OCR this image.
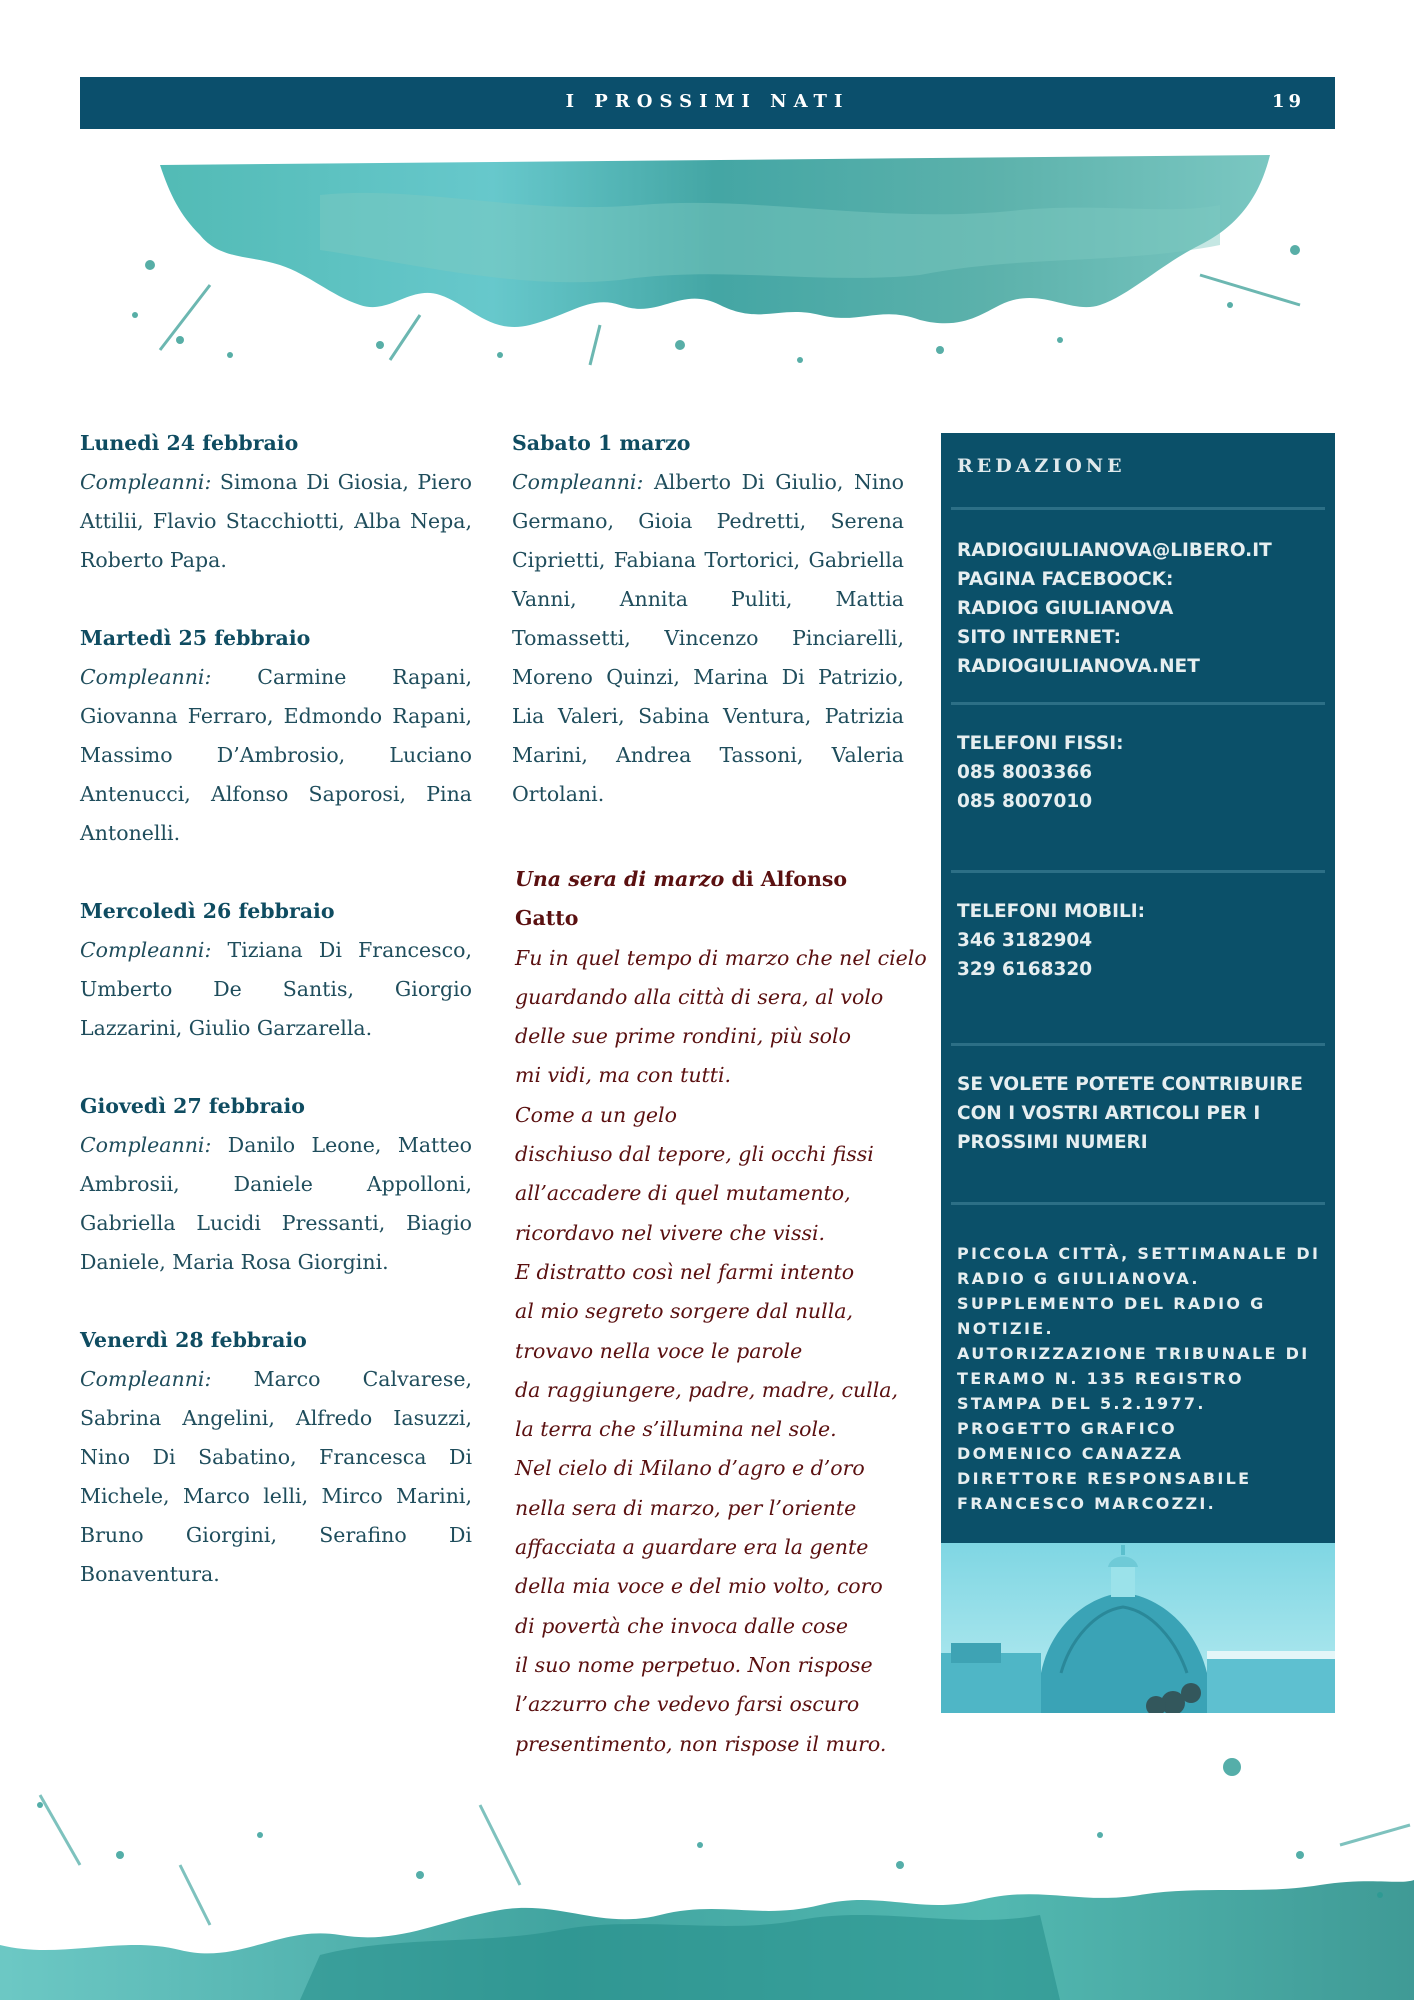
I PROSSIMI NATI	19
Lunedì 24 febbraio
Compleanni: Simona Di Giosia, Piero Attilii, Flavio Stacchiotti, Alba Nepa, Roberto Papa.
Martedì 25 febbraio
Compleanni: Carmine Rapani, Giovanna Ferraro, Edmondo Rapani, Massimo D’Ambrosio, Luciano Antenucci, Alfonso Saporosi, Pina Antonelli.
Mercoledì 26 febbraio
Compleanni: Tiziana Di Francesco, Umberto De Santis, Giorgio Lazzarini, Giulio Garzarella.
Giovedì 27 febbraio
Compleanni: Danilo Leone, Matteo Ambrosii, Daniele Appolloni, Gabriella Lucidi Pressanti, Biagio Daniele, Maria Rosa Giorgini.
Venerdì 28 febbraio
Compleanni: Marco Calvarese, Sabrina Angelini, Alfredo Iasuzzi, Nino Di Sabatino, Francesca Di Michele, Marco lelli, Mirco Marini, Bruno Giorgini, Serafino Di Bonaventura.
Sabato 1 marzo
Compleanni: Alberto Di Giulio, Nino Germano, Gioia Pedretti, Serena Ciprietti, Fabiana Tortorici, Gabriella Vanni, Annita Puliti, Mattia Tomassetti, Vincenzo Pinciarelli, Moreno Quinzi, Marina Di Patrizio, Lia Valeri, Sabina Ventura, Patrizia Marini, Andrea Tassoni, Valeria Ortolani.
Una sera di marzo di Alfonso Gatto
Fu in quel tempo di marzo che nel cielo
guardando alla città di sera, al volo
delle sue prime rondini, più solo
mi vidi, ma con tutti.
Come a un gelo
dischiuso dal tepore, gli occhi fissi
all’accadere di quel mutamento,
ricordavo nel vivere che vissi.
E distratto così nel farmi intento
al mio segreto sorgere dal nulla,
trovavo nella voce le parole
da raggiungere, padre, madre, culla,
la terra che s’illumina nel sole.
Nel cielo di Milano d’agro e d’oro
nella sera di marzo, per l’oriente
affacciata a guardare era la gente
della mia voce e del mio volto, coro
di povertà che invoca dalle cose
il suo nome perpetuo. Non rispose
l’azzurro che vedevo farsi oscuro
presentimento, non rispose il muro.
REDAZIONE
RADIOGIULIANOVA@LIBERO.IT
PAGINA FACEBOOCK:
RADIOG GIULIANOVA
SITO INTERNET:
RADIOGIULIANOVA.NET
TELEFONI FISSI:
085 8003366
085 8007010
TELEFONI MOBILI:
346 3182904
329 6168320
SE VOLETE POTETE CONTRIBUIRE
CON I VOSTRI ARTICOLI PER I
PROSSIMI NUMERI
PICCOLA CITTÀ, SETTIMANALE DI
RADIO G GIULIANOVA.
SUPPLEMENTO DEL RADIO G
NOTIZIE.
AUTORIZZAZIONE TRIBUNALE DI
TERAMO N. 135 REGISTRO
STAMPA DEL 5.2.1977.
PROGETTO GRAFICO
DOMENICO CANAZZA
DIRETTORE RESPONSABILE
FRANCESCO MARCOZZI.
